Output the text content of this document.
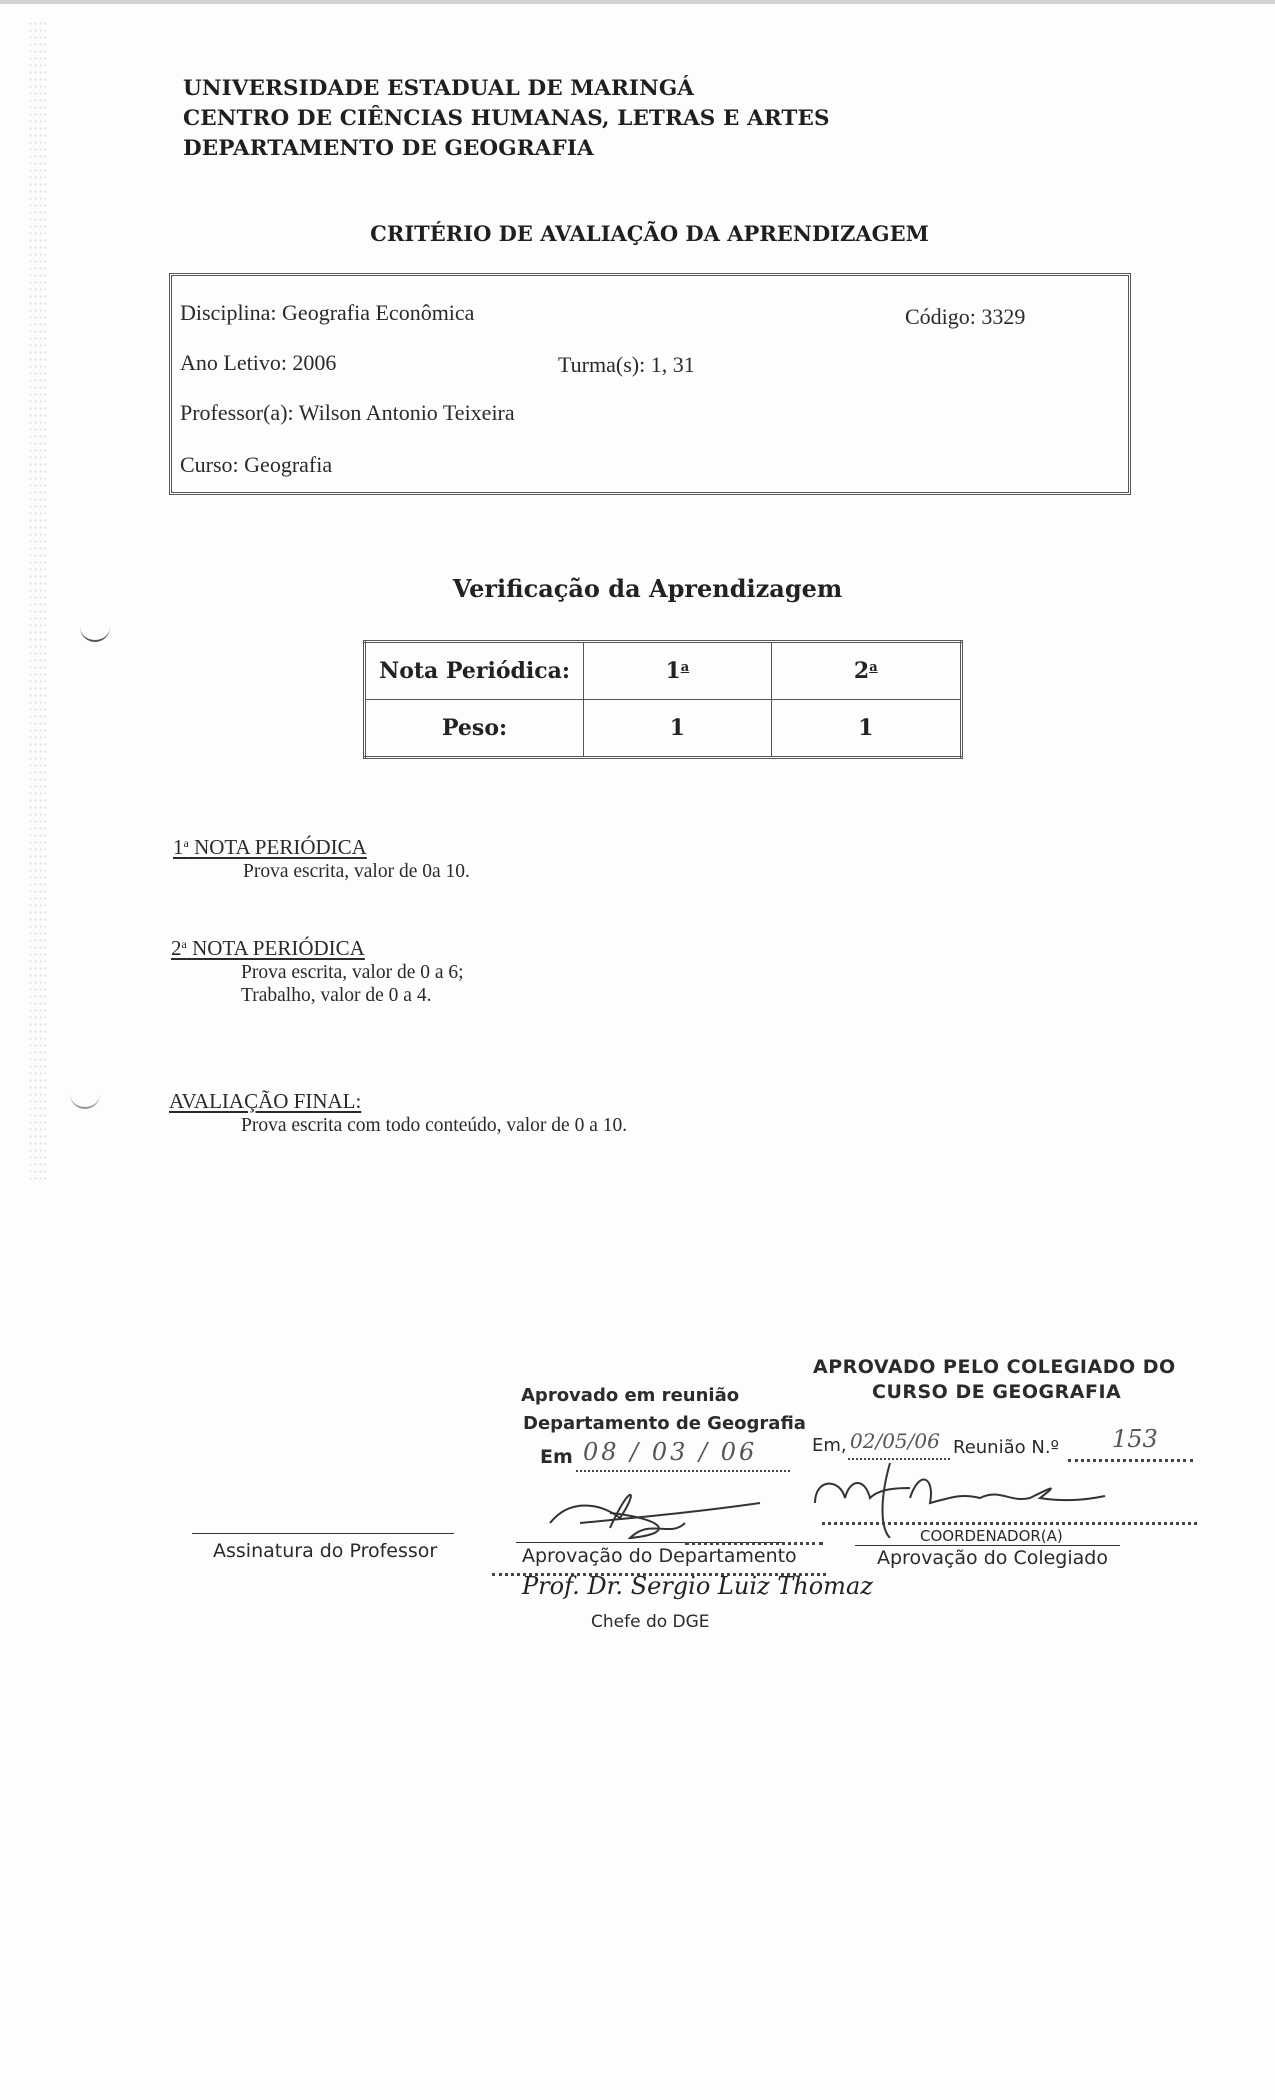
UNIVERSIDADE ESTADUAL DE MARINGÁ
CENTRO DE CIÊNCIAS HUMANAS, LETRAS E ARTES
DEPARTAMENTO DE GEOGRAFIA
CRITÉRIO DE AVALIAÇÃO DA APRENDIZAGEM
Disciplina: Geografia Econômica	Código: 3329
Ano Letivo: 2006	Turma(s): 1, 31
Professor(a): Wilson Antonio Teixeira
Curso: Geografia
Verificação da Aprendizagem
Nota Periódica:	1$^a$	2$^a$
Peso:	1	1
1$^a$ NOTA PERIÓDICA
Prova escrita, valor de 0a 10.
2$^a$ NOTA PERIÓDICA
Prova escrita, valor de 0 a 6;
Trabalho, valor de 0 a 4.
AVALIAÇÃO FINAL:
Prova escrita com todo conteúdo, valor de 0 a 10.
Assinatura do Professor
Aprovado em reunião
Departamento de Geografia
Em 08 / 03 / 06
Aprovação do Departamento
Prof. Dr. Sergio Luiz Thomaz
Chefe do DGE
APROVADO PELO COLEGIADO DO
CURSO DE GEOGRAFIA
Em, 02/05/06 Reunião N.º 153
COORDENADOR(A)
Aprovação do Colegiado
